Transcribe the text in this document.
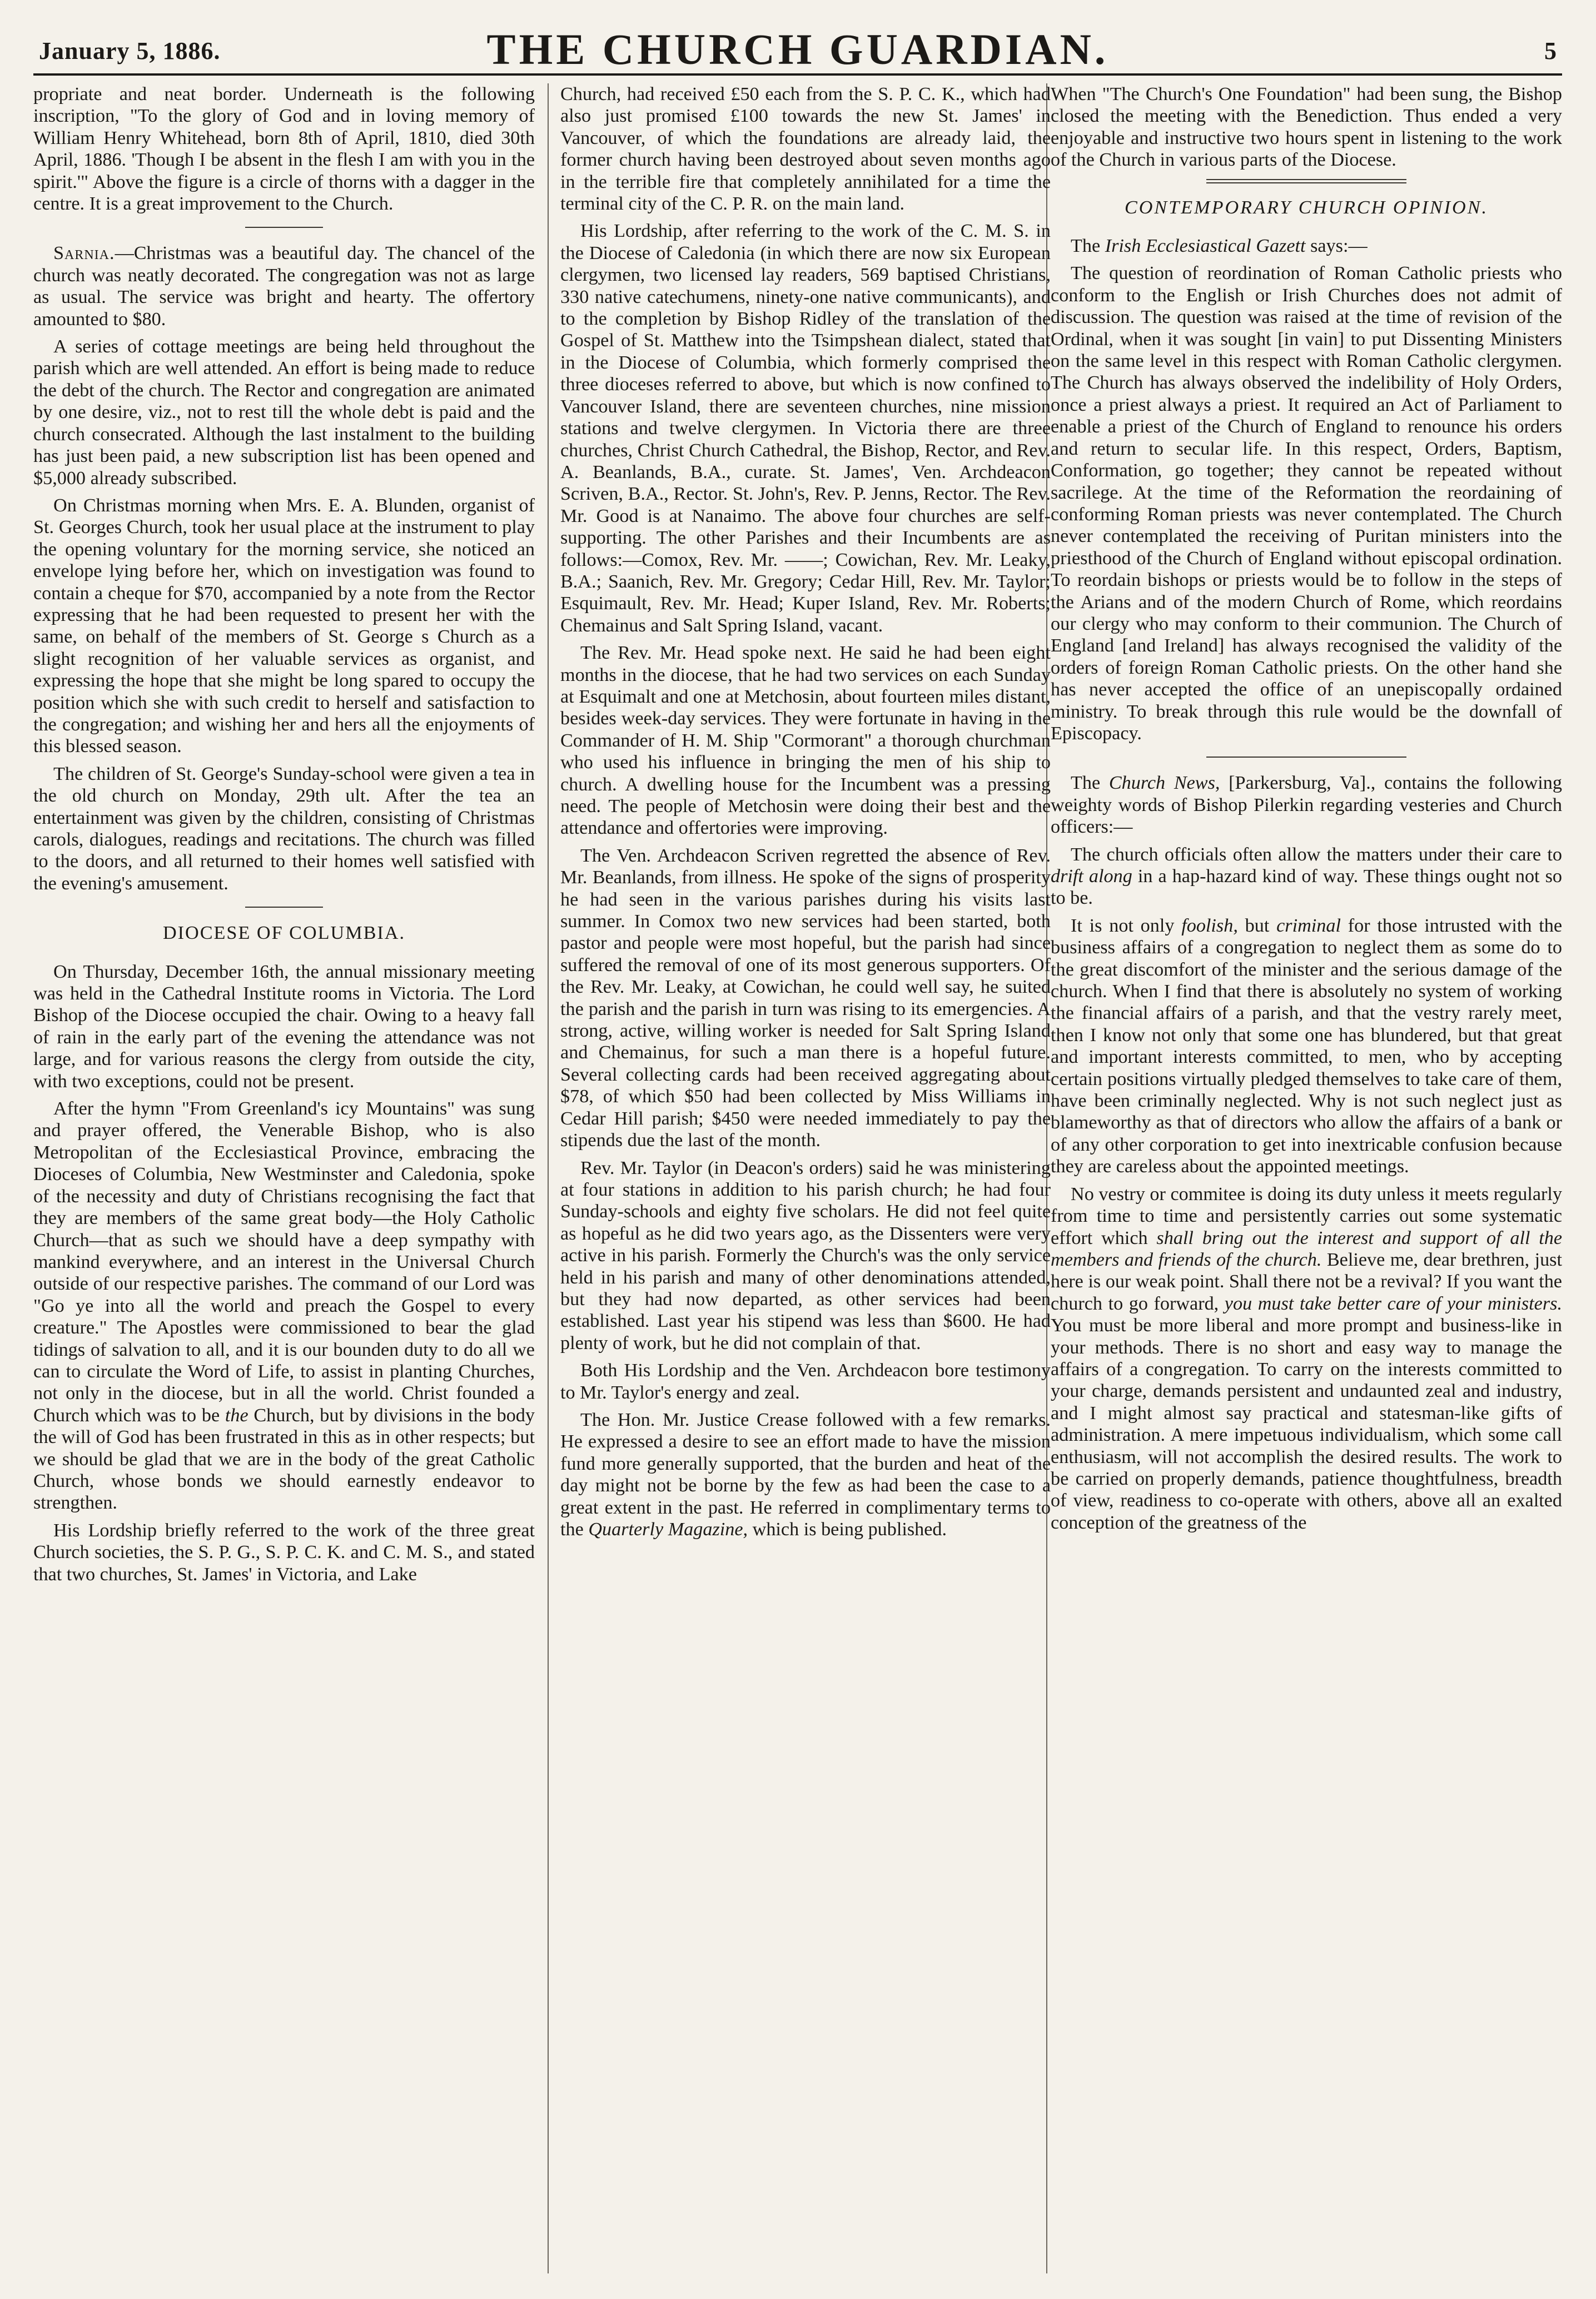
January 5, 1886.	THE CHURCH GUARDIAN.	5

propriate and neat border. Underneath is the following inscription, "To the glory of God and in loving memory of William Henry Whitehead, born 8th of April, 1810, died 30th April, 1886. 'Though I be absent in the flesh I am with you in the spirit.'" Above the figure is a circle of thorns with a dagger in the centre. It is a great improvement to the Church.

Sarnia.—Christmas was a beautiful day. The chancel of the church was neatly decorated. The congregation was not as large as usual. The service was bright and hearty. The offertory amounted to $80.

A series of cottage meetings are being held throughout the parish which are well attended. An effort is being made to reduce the debt of the church. The Rector and congregation are animated by one desire, viz., not to rest till the whole debt is paid and the church consecrated. Although the last instalment to the building has just been paid, a new subscription list has been opened and $5,000 already subscribed.

On Christmas morning when Mrs. E. A. Blunden, organist of St. Georges Church, took her usual place at the instrument to play the opening voluntary for the morning service, she noticed an envelope lying before her, which on investigation was found to contain a cheque for $70, accompanied by a note from the Rector expressing that he had been requested to present her with the same, on behalf of the members of St. George s Church as a slight recognition of her valuable services as organist, and expressing the hope that she might be long spared to occupy the position which she with such credit to herself and satisfaction to the congregation; and wishing her and hers all the enjoyments of this blessed season.

The children of St. George's Sunday-school were given a tea in the old church on Monday, 29th ult. After the tea an entertainment was given by the children, consisting of Christmas carols, dialogues, readings and recitations. The church was filled to the doors, and all returned to their homes well satisfied with the evening's amusement.

DIOCESE OF COLUMBIA.

On Thursday, December 16th, the annual missionary meeting was held in the Cathedral Institute rooms in Victoria. The Lord Bishop of the Diocese occupied the chair. Owing to a heavy fall of rain in the early part of the evening the attendance was not large, and for various reasons the clergy from outside the city, with two exceptions, could not be present.

After the hymn "From Greenland's icy Mountains" was sung and prayer offered, the Venerable Bishop, who is also Metropolitan of the Ecclesiastical Province, embracing the Dioceses of Columbia, New Westminster and Caledonia, spoke of the necessity and duty of Christians recognising the fact that they are members of the same great body—the Holy Catholic Church—that as such we should have a deep sympathy with mankind everywhere, and an interest in the Universal Church outside of our respective parishes. The command of our Lord was "Go ye into all the world and preach the Gospel to every creature." The Apostles were commissioned to bear the glad tidings of salvation to all, and it is our bounden duty to do all we can to circulate the Word of Life, to assist in planting Churches, not only in the diocese, but in all the world. Christ founded a Church which was to be the Church, but by divisions in the body the will of God has been frustrated in this as in other respects; but we should be glad that we are in the body of the great Catholic Church, whose bonds we should earnestly endeavor to strengthen.

His Lordship briefly referred to the work of the three great Church societies, the S. P. G., S. P. C. K. and C. M. S., and stated that two churches, St. James' in Victoria, and Lake

Church, had received £50 each from the S. P. C. K., which had also just promised £100 towards the new St. James' in Vancouver, of which the foundations are already laid, the former church having been destroyed about seven months ago in the terrible fire that completely annihilated for a time the terminal city of the C. P. R. on the main land.

His Lordship, after referring to the work of the C. M. S. in the Diocese of Caledonia (in which there are now six European clergymen, two licensed lay readers, 569 baptised Christians, 330 native catechumens, ninety-one native communicants), and to the completion by Bishop Ridley of the translation of the Gospel of St. Matthew into the Tsimpshean dialect, stated that in the Diocese of Columbia, which formerly comprised the three dioceses referred to above, but which is now confined to Vancouver Island, there are seventeen churches, nine mission stations and twelve clergymen. In Victoria there are three churches, Christ Church Cathedral, the Bishop, Rector, and Rev. A. Beanlands, B.A., curate. St. James', Ven. Archdeacon Scriven, B.A., Rector. St. John's, Rev. P. Jenns, Rector. The Rev. Mr. Good is at Nanaimo. The above four churches are self-supporting. The other Parishes and their Incumbents are as follows:—Comox, Rev. Mr. ——; Cowichan, Rev. Mr. Leaky, B.A.; Saanich, Rev. Mr. Gregory; Cedar Hill, Rev. Mr. Taylor; Esquimault, Rev. Mr. Head; Kuper Island, Rev. Mr. Roberts; Chemainus and Salt Spring Island, vacant.

The Rev. Mr. Head spoke next. He said he had been eight months in the diocese, that he had two services on each Sunday at Esquimalt and one at Metchosin, about fourteen miles distant, besides week-day services. They were fortunate in having in the Commander of H. M. Ship "Cormorant" a thorough churchman who used his influence in bringing the men of his ship to church. A dwelling house for the Incumbent was a pressing need. The people of Metchosin were doing their best and the attendance and offertories were improving.

The Ven. Archdeacon Scriven regretted the absence of Rev. Mr. Beanlands, from illness. He spoke of the signs of prosperity he had seen in the various parishes during his visits last summer. In Comox two new services had been started, both pastor and people were most hopeful, but the parish had since suffered the removal of one of its most generous supporters. Of the Rev. Mr. Leaky, at Cowichan, he could well say, he suited the parish and the parish in turn was rising to its emergencies. A strong, active, willing worker is needed for Salt Spring Island and Chemainus, for such a man there is a hopeful future. Several collecting cards had been received aggregating about $78, of which $50 had been collected by Miss Williams in Cedar Hill parish; $450 were needed immediately to pay the stipends due the last of the month.

Rev. Mr. Taylor (in Deacon's orders) said he was ministering at four stations in addition to his parish church; he had four Sunday-schools and eighty five scholars. He did not feel quite as hopeful as he did two years ago, as the Dissenters were very active in his parish. Formerly the Church's was the only service held in his parish and many of other denominations attended, but they had now departed, as other services had been established. Last year his stipend was less than $600. He had plenty of work, but he did not complain of that.

Both His Lordship and the Ven. Archdeacon bore testimony to Mr. Taylor's energy and zeal.

The Hon. Mr. Justice Crease followed with a few remarks. He expressed a desire to see an effort made to have the mission fund more generally supported, that the burden and heat of the day might not be borne by the few as had been the case to a great extent in the past. He referred in complimentary terms to the Quarterly Magazine, which is being published.

When "The Church's One Foundation" had been sung, the Bishop closed the meeting with the Benediction. Thus ended a very enjoyable and instructive two hours spent in listening to the work of the Church in various parts of the Diocese.

CONTEMPORARY CHURCH OPINION.

The Irish Ecclesiastical Gazett says:—

The question of reordination of Roman Catholic priests who conform to the English or Irish Churches does not admit of discussion. The question was raised at the time of revision of the Ordinal, when it was sought [in vain] to put Dissenting Ministers on the same level in this respect with Roman Catholic clergymen. The Church has always observed the indelibility of Holy Orders, once a priest always a priest. It required an Act of Parliament to enable a priest of the Church of England to renounce his orders and return to secular life. In this respect, Orders, Baptism, Conformation, go together; they cannot be repeated without sacrilege. At the time of the Reformation the reordaining of conforming Roman priests was never contemplated. The Church never contemplated the receiving of Puritan ministers into the priesthood of the Church of England without episcopal ordination. To reordain bishops or priests would be to follow in the steps of the Arians and of the modern Church of Rome, which reordains our clergy who may conform to their communion. The Church of England [and Ireland] has always recognised the validity of the orders of foreign Roman Catholic priests. On the other hand she has never accepted the office of an unepiscopally ordained ministry. To break through this rule would be the downfall of Episcopacy.

The Church News, [Parkersburg, Va]., contains the following weighty words of Bishop Pilerkin regarding vesteries and Church officers:—

The church officials often allow the matters under their care to drift along in a hap-hazard kind of way. These things ought not so to be.

It is not only foolish, but criminal for those intrusted with the business affairs of a congregation to neglect them as some do to the great discomfort of the minister and the serious damage of the church. When I find that there is absolutely no system of working the financial affairs of a parish, and that the vestry rarely meet, then I know not only that some one has blundered, but that great and important interests committed, to men, who by accepting certain positions virtually pledged themselves to take care of them, have been criminally neglected. Why is not such neglect just as blameworthy as that of directors who allow the affairs of a bank or of any other corporation to get into inextricable confusion because they are careless about the appointed meetings.

No vestry or commitee is doing its duty unless it meets regularly from time to time and persistently carries out some systematic effort which shall bring out the interest and support of all the members and friends of the church. Believe me, dear brethren, just here is our weak point. Shall there not be a revival? If you want the church to go forward, you must take better care of your ministers. You must be more liberal and more prompt and business-like in your methods. There is no short and easy way to manage the affairs of a congregation. To carry on the interests committed to your charge, demands persistent and undaunted zeal and industry, and I might almost say practical and statesman-like gifts of administration. A mere impetuous individualism, which some call enthusiasm, will not accomplish the desired results. The work to be carried on properly demands, patience thoughtfulness, breadth of view, readiness to co-operate with others, above all an exalted conception of the greatness of the
